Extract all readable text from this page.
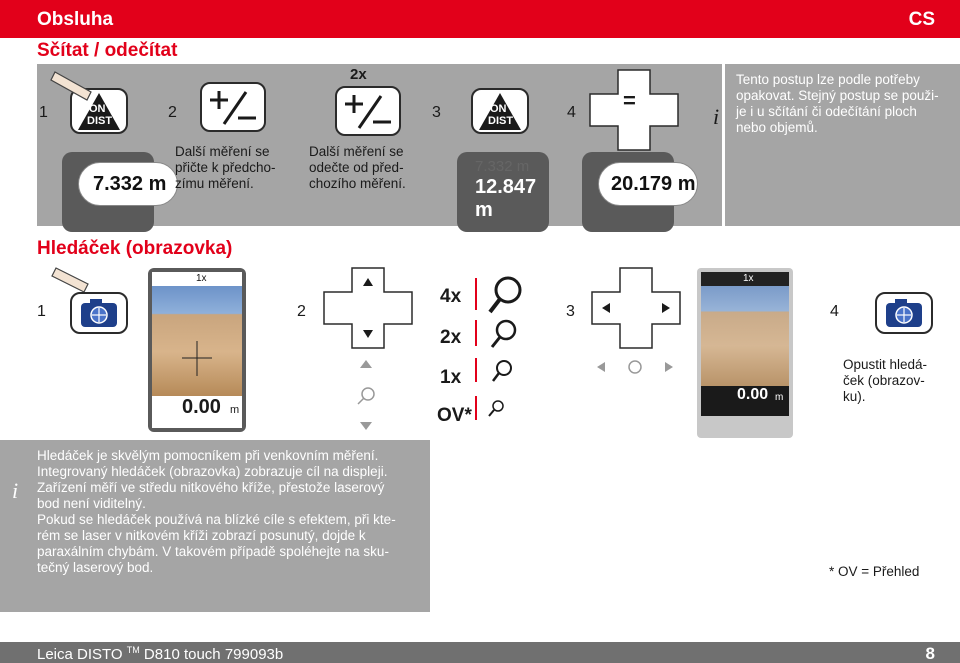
Obsluha	CS
Sčítat / odečítat
1	ON
DIST
7.332 m
2
Další měření se
přičte k předcho-
zímu měření.
2x
Další měření se
odečte od před-
chozího měření.
3	ON
DIST
7.332 m
12.847 m
4 =
20.179 m
i
Tento postup lze podle potřeby
opakovat. Stejný postup se použi-
je i u sčítání či odečítání ploch
nebo objemů.
Hledáček (obrazovka)
1
1x
0.00 m
2
4x
2x
1x
OV*
3
1x
0.00 m
4
Opustit hledá-
ček (obrazov-
ku).
i
Hledáček je skvělým pomocníkem při venkovním měření.
Integrovaný hledáček (obrazovka) zobrazuje cíl na displeji.
Zařízení měří ve středu nitkového kříže, přestože laserový
bod není viditelný.
Pokud se hledáček používá na blízké cíle s efektem, při kte-
rém se laser v nitkovém kříži zobrazí posunutý, dojde k
paraxálním chybám. V takovém případě spoléhejte na sku-
tečný laserový bod.	* OV = Přehled
Leica DISTO ™ D810 touch 799093b	8
